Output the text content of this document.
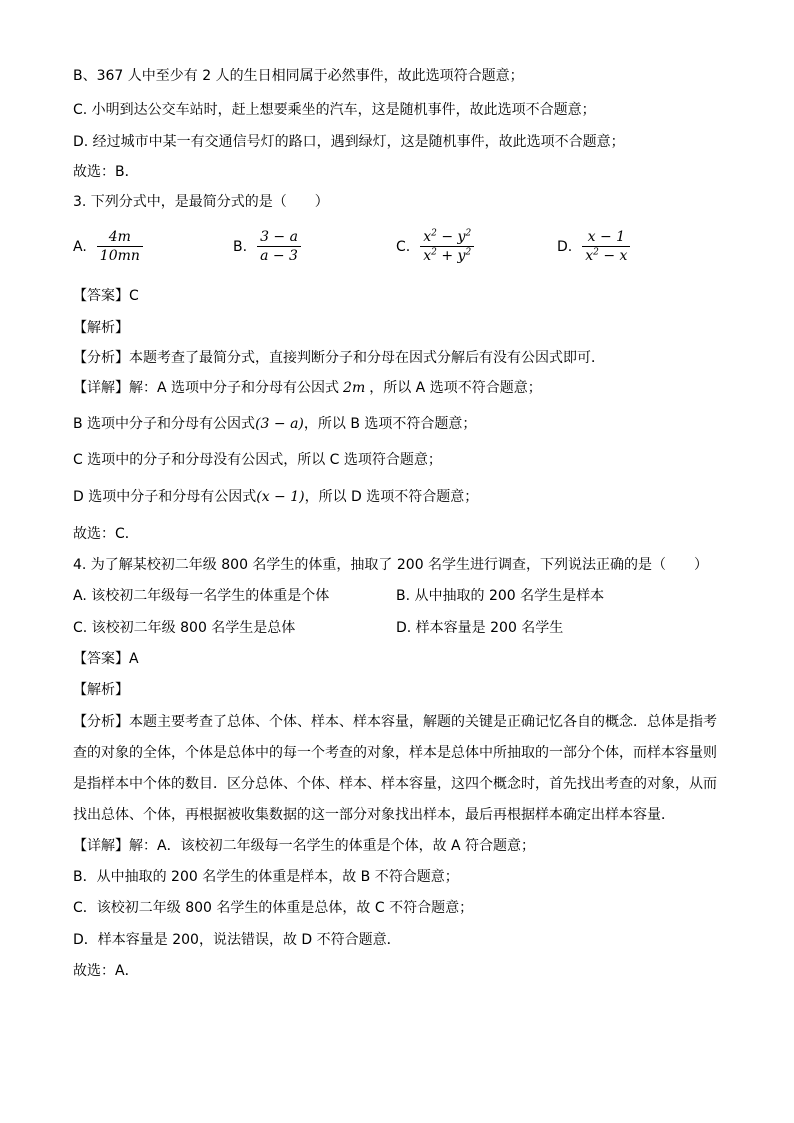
B、367 人中至少有 2 人的生日相同属于必然事件，故此选项符合题意；
C. 小明到达公交车站时，赶上想要乘坐的汽车，这是随机事件，故此选项不合题意；
D. 经过城市中某一有交通信号灯的路口，遇到绿灯，这是随机事件，故此选项不合题意；
故选：B．
3. 下列分式中，是最简分式的是（　　）
A. $\frac{4m}{10mn}$	B. $\frac{3 - a}{a - 3}$	C. $\frac{x^2 - y^2}{x^2 + y^2}$	D. $\frac{x - 1}{x^2 - x}$
【答案】C
【解析】
【分析】本题考查了最简分式，直接判断分子和分母在因式分解后有没有公因式即可．
【详解】解：A 选项中分子和分母有公因式 2m ，所以 A 选项不符合题意；
B 选项中分子和分母有公因式(3 − a)，所以 B 选项不符合题意；
C 选项中的分子和分母没有公因式，所以 C 选项符合题意；
D 选项中分子和分母有公因式(x − 1)，所以 D 选项不符合题意；
故选：C．
4. 为了解某校初二年级 800 名学生的体重，抽取了 200 名学生进行调查，下列说法正确的是（　　）
A. 该校初二年级每一名学生的体重是个体	B. 从中抽取的 200 名学生是样本
C. 该校初二年级 800 名学生是总体	D. 样本容量是 200 名学生
【答案】A
【解析】
【分析】本题主要考查了总体、个体、样本、样本容量，解题的关键是正确记忆各自的概念．总体是指考
查的对象的全体，个体是总体中的每一个考查的对象，样本是总体中所抽取的一部分个体，而样本容量则
是指样本中个体的数目．区分总体、个体、样本、样本容量，这四个概念时，首先找出考查的对象，从而
找出总体、个体，再根据被收集数据的这一部分对象找出样本，最后再根据样本确定出样本容量．
【详解】解：A．该校初二年级每一名学生的体重是个体，故 A 符合题意；
B．从中抽取的 200 名学生的体重是样本，故 B 不符合题意；
C．该校初二年级 800 名学生的体重是总体，故 C 不符合题意；
D．样本容量是 200，说法错误，故 D 不符合题意．
故选：A．
